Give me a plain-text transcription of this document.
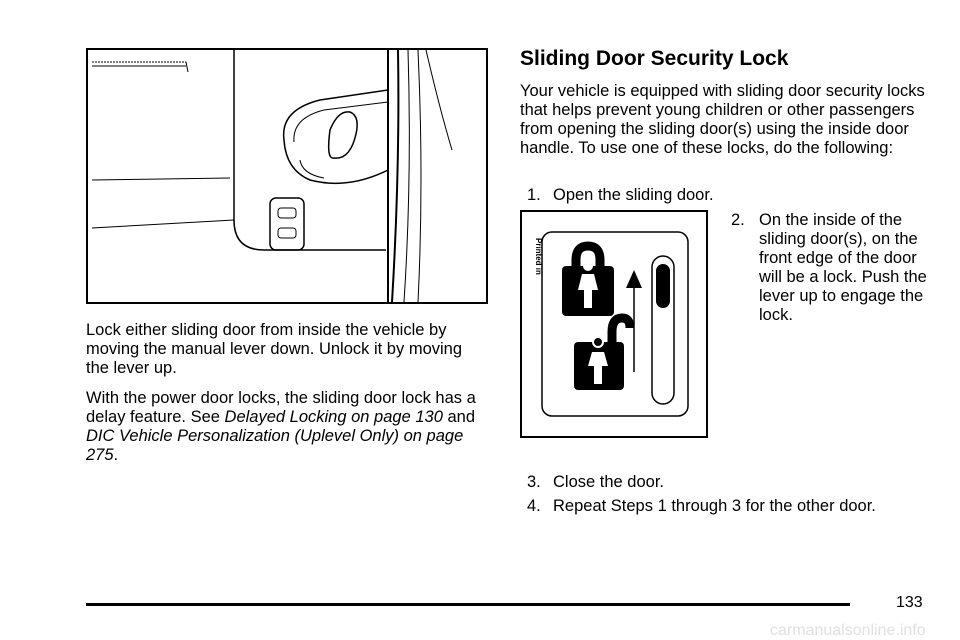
Lock either sliding door from inside the vehicle by moving the manual lever down. Unlock it by moving the lever up.

With the power door locks, the sliding door lock has a delay feature. See Delayed Locking on page 130 and DIC Vehicle Personalization (Uplevel Only) on page 275.

Sliding Door Security Lock

Your vehicle is equipped with sliding door security locks that helps prevent young children or other passengers from opening the sliding door(s) using the inside door handle. To use one of these locks, do the following:

1. Open the sliding door.

Printed in
2. On the inside of the sliding door(s), on the front edge of the door will be a lock. Push the lever up to engage the lock.

3. Close the door.

4. Repeat Steps 1 through 3 for the other door.

133
carmanualsonline.info
